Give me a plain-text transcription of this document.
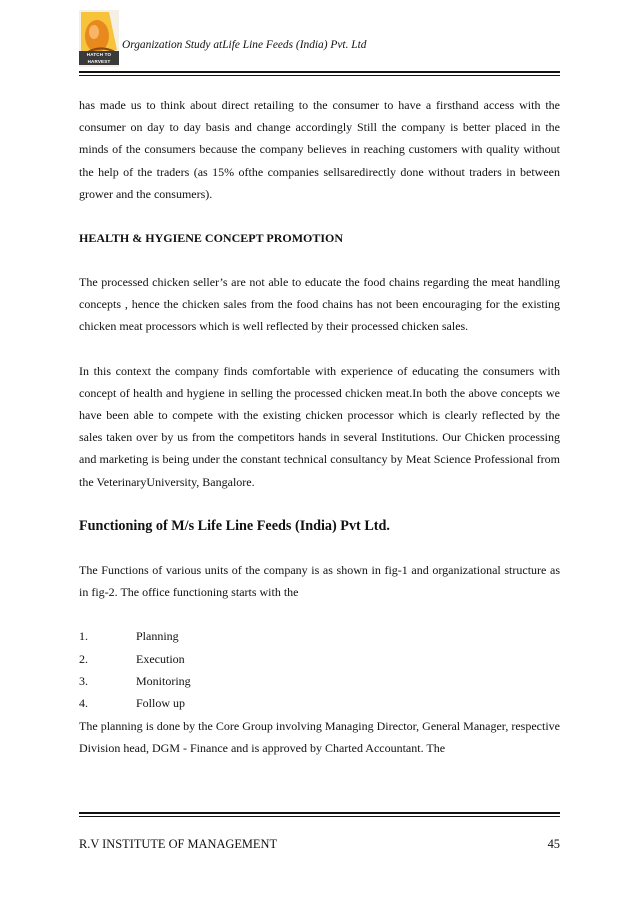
HATCH TO HARVEST
Organization Study atLife Line Feeds (India) Pvt. Ltd

has made us to think about direct retailing to the consumer to have a firsthand access with the consumer on day to day basis and change accordingly Still the company is better placed in the minds of the consumers because the company believes in reaching customers with quality without the help of the traders (as 15% ofthe companies sellsaredirectly done without traders in between grower and the consumers).

HEALTH & HYGIENE CONCEPT PROMOTION

The processed chicken seller’s are not able to educate the food chains regarding the meat handling concepts , hence the chicken sales from the food chains has not been encouraging for the existing chicken meat processors which is well reflected by their processed chicken sales.

In this context the company finds comfortable with experience of educating the consumers with concept of health and hygiene in selling the processed chicken meat.In both the above concepts we have been able to compete with the existing chicken processor which is clearly reflected by the sales taken over by us from the competitors hands in several Institutions. Our Chicken processing and marketing is being under the constant technical consultancy by Meat Science Professional from the VeterinaryUniversity, Bangalore.

Functioning of M/s Life Line Feeds (India) Pvt Ltd.

The Functions of various units of the company is as shown in fig-1 and organizational structure as in fig-2. The office functioning starts with the

1.	Planning
2.	Execution
3.	Monitoring
4.	Follow up

The planning is done by the Core Group involving Managing Director, General Manager, respective Division head, DGM - Finance and is approved by Charted Accountant. The

R.V INSTITUTE OF MANAGEMENT	45
